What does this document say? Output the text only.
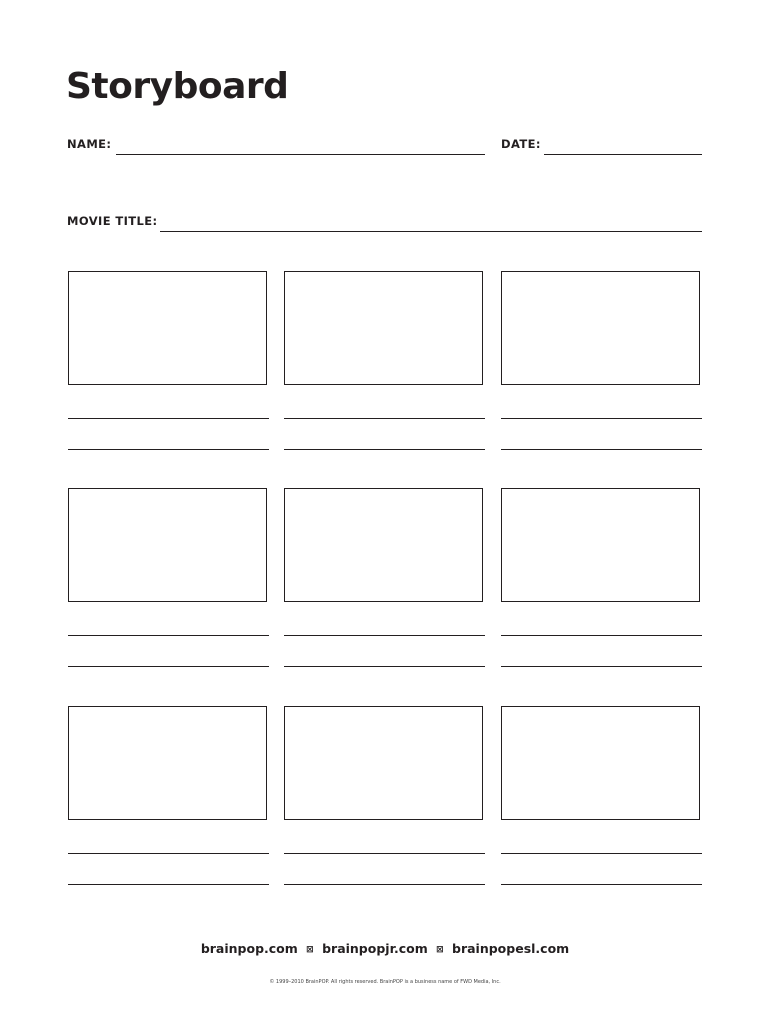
Storyboard
NAME:	DATE:
MOVIE TITLE:
brainpop.com ⊠ brainpopjr.com ⊠ brainpopesl.com
© 1999–2010 BrainPOP. All rights reserved. BrainPOP is a business name of FWD Media, Inc.
